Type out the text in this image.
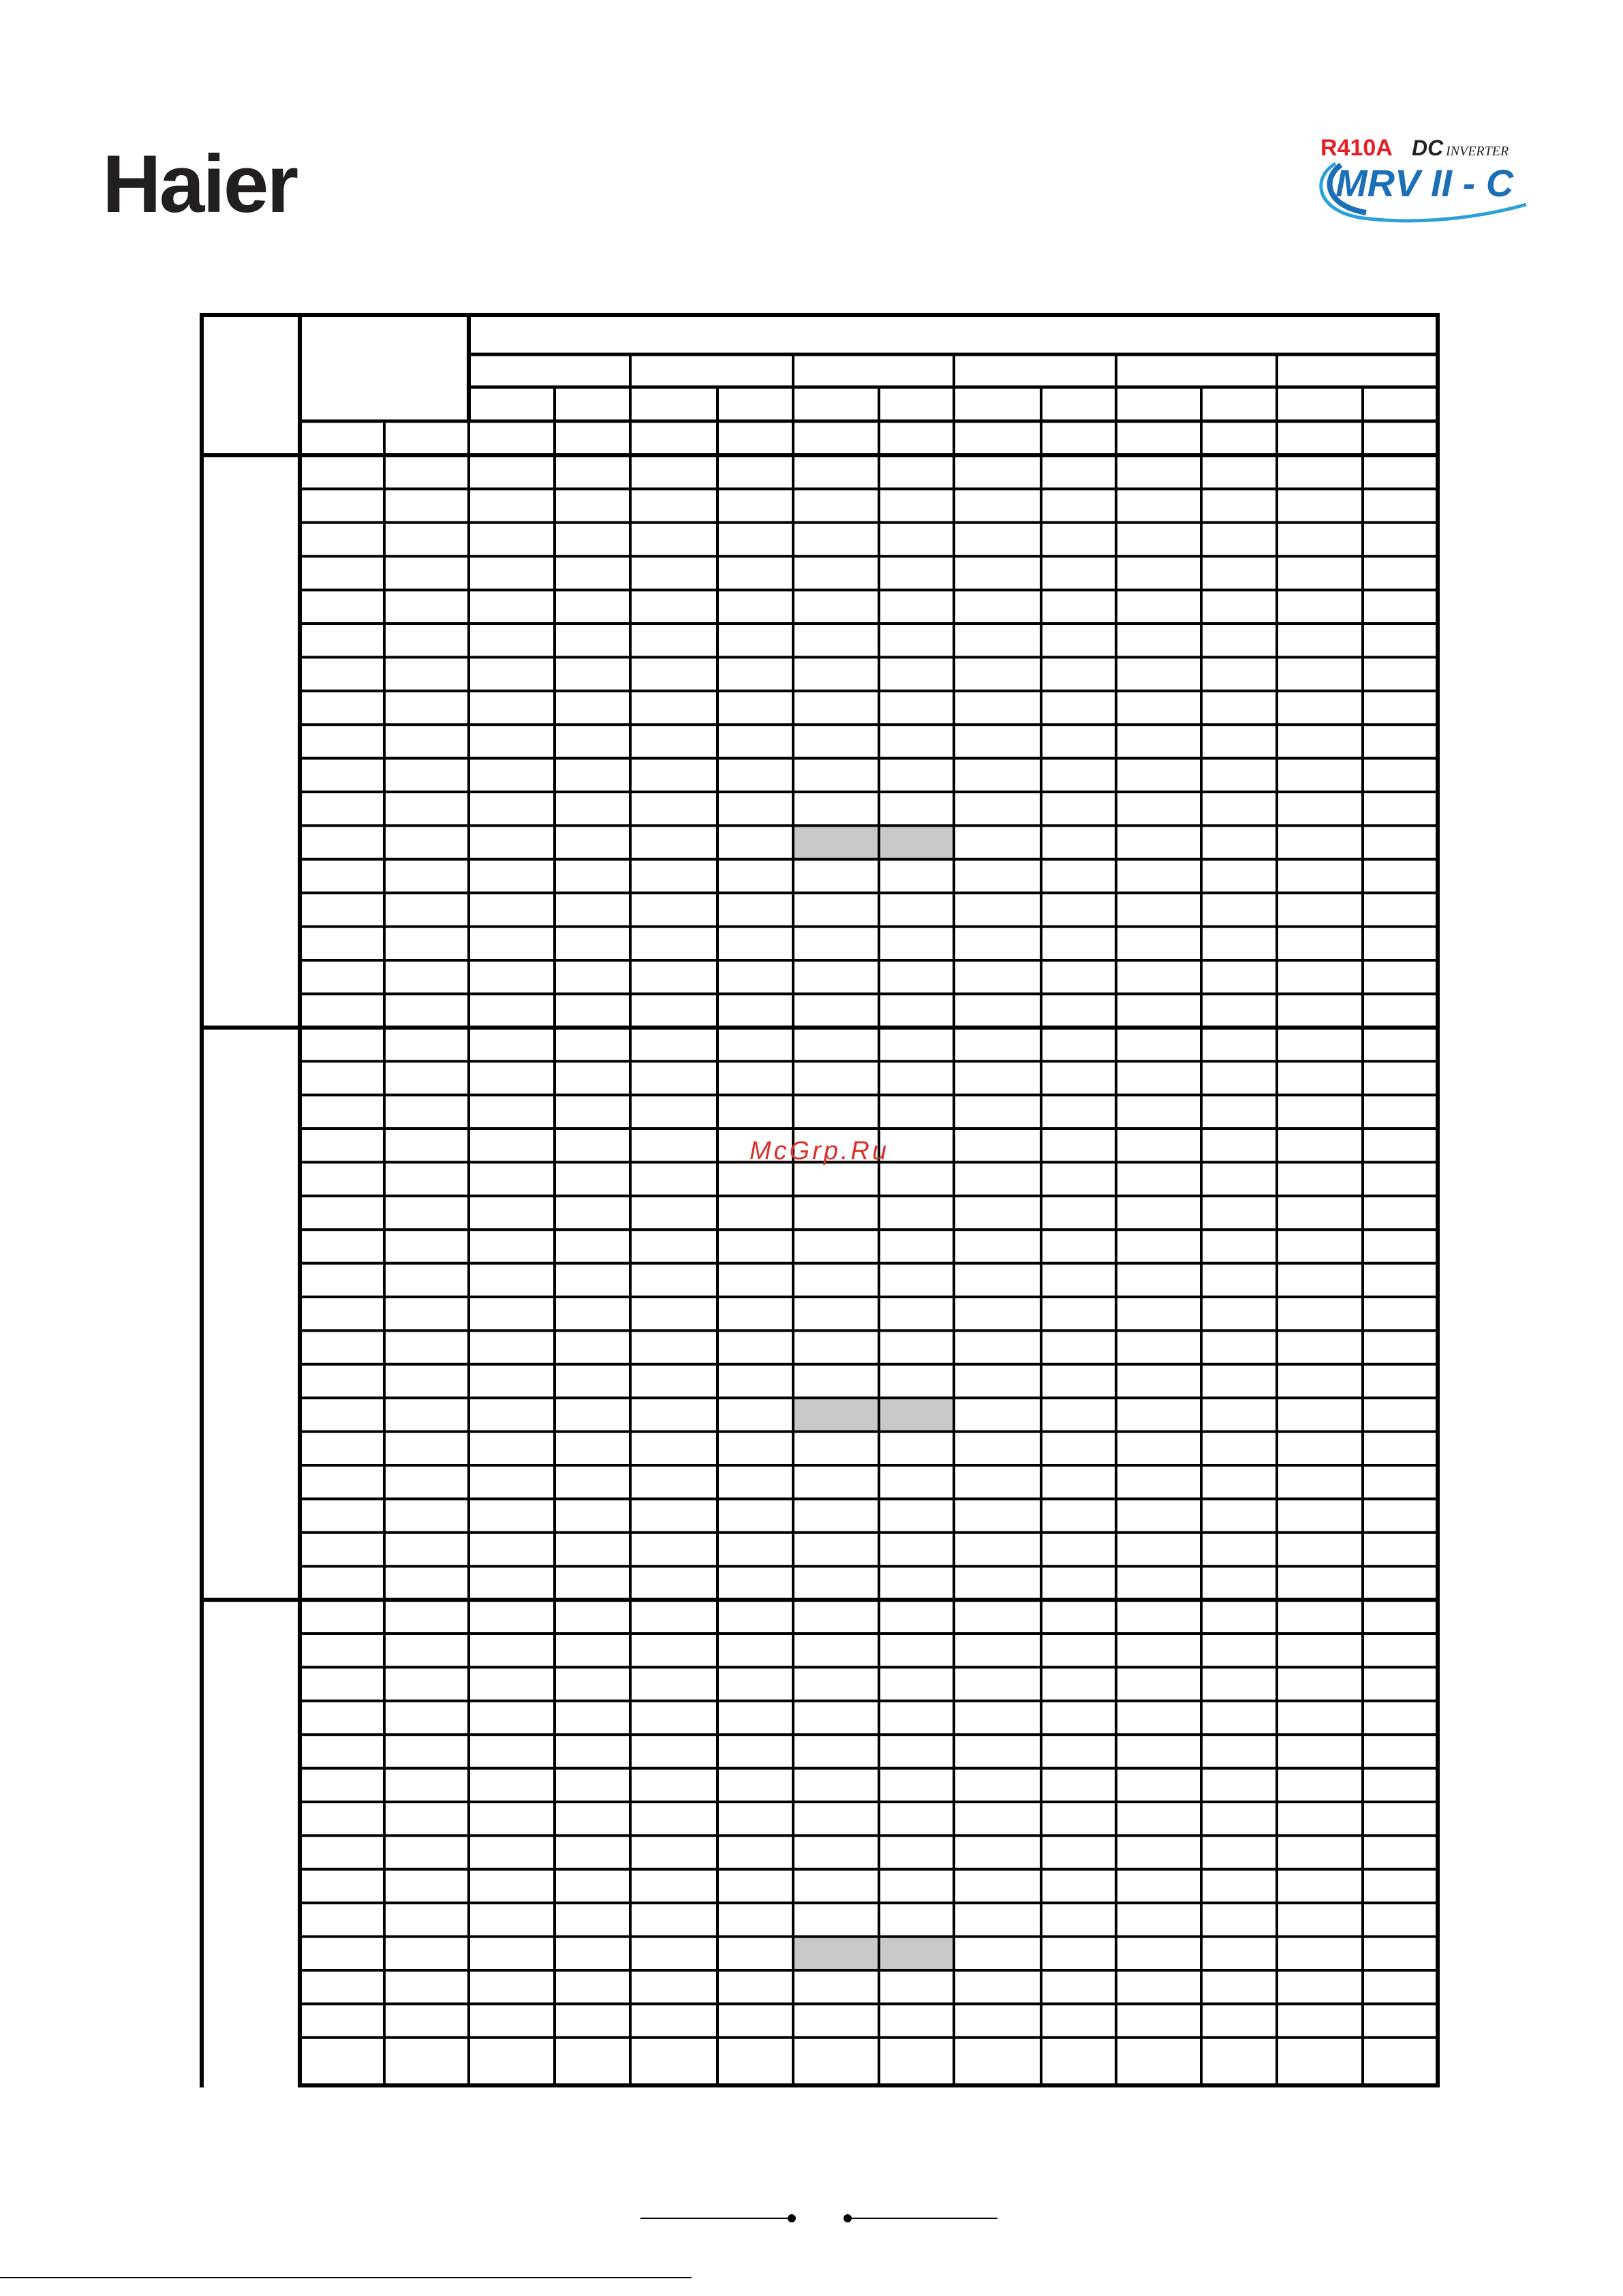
Haier	R410A DC INVERTER
MRV II - C

McGrp.Ru
